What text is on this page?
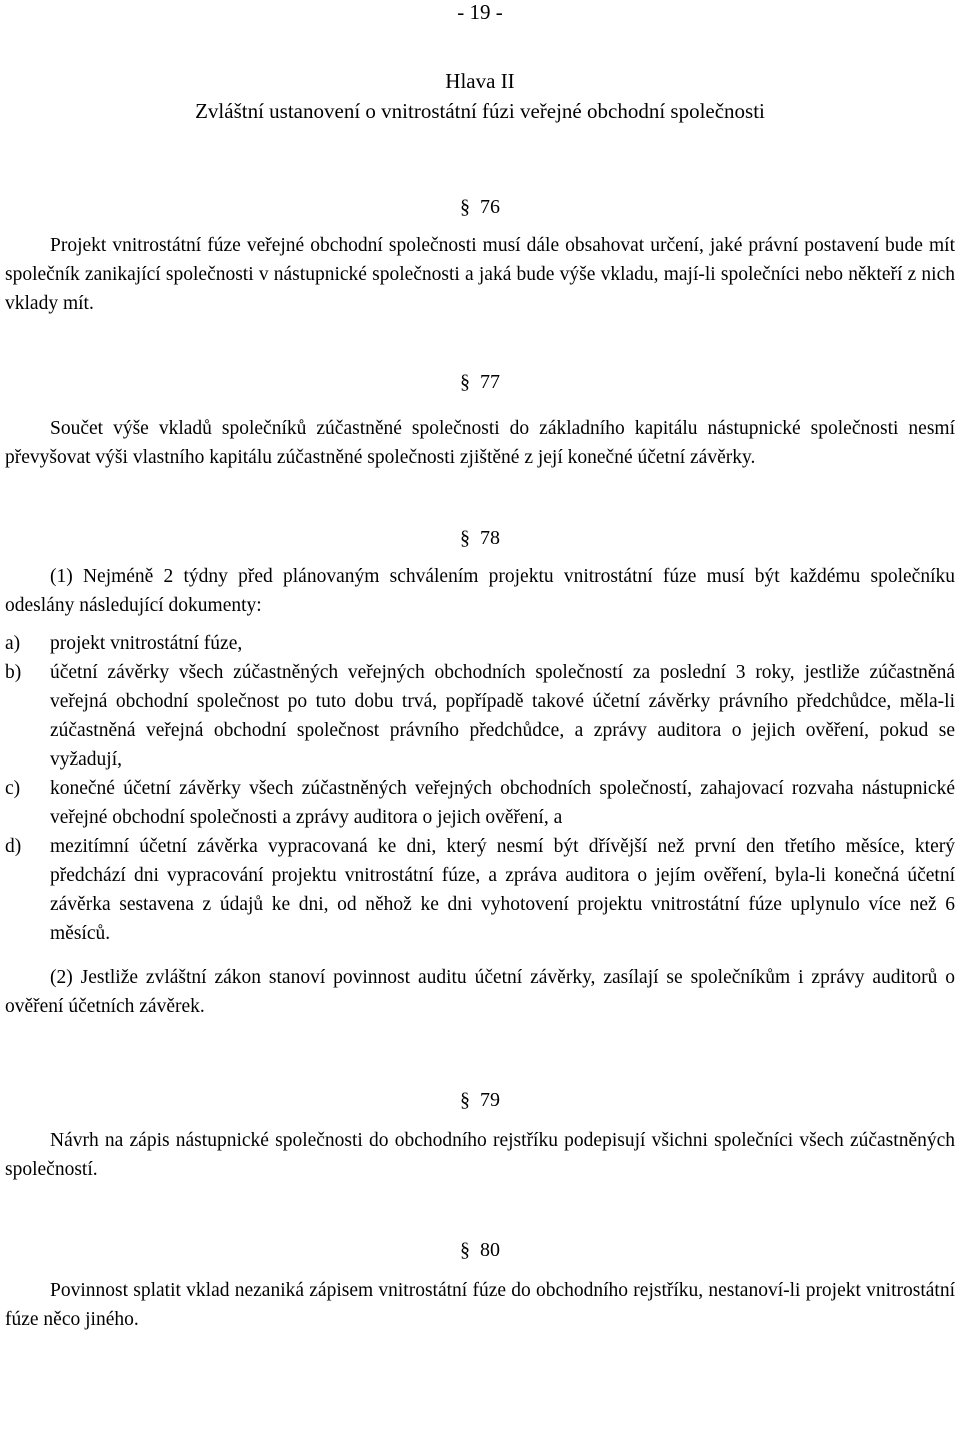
- 19 -
Hlava II
Zvláštní ustanovení o vnitrostátní fúzi veřejné obchodní společnosti
§ 76

Projekt vnitrostátní fúze veřejné obchodní společnosti musí dále obsahovat určení, jaké právní postavení bude mít společník zanikající společnosti v nástupnické společnosti a jaká bude výše vkladu, mají-li společníci nebo někteří z nich vklady mít.

§ 77

Součet výše vkladů společníků zúčastněné společnosti do základního kapitálu nástupnické společnosti nesmí převyšovat výši vlastního kapitálu zúčastněné společnosti zjištěné z její konečné účetní závěrky.

§ 78

(1) Nejméně 2 týdny před plánovaným schválením projektu vnitrostátní fúze musí být každému společníku odeslány následující dokumenty:

a)	projekt vnitrostátní fúze,
b)	účetní závěrky všech zúčastněných veřejných obchodních společností za poslední 3 roky, jestliže zúčastněná veřejná obchodní společnost po tuto dobu trvá, popřípadě takové účetní závěrky právního předchůdce, měla-li zúčastněná veřejná obchodní společnost právního předchůdce, a zprávy auditora o jejich ověření, pokud se vyžadují,
c)	konečné účetní závěrky všech zúčastněných veřejných obchodních společností, zahajovací rozvaha nástupnické veřejné obchodní společnosti a zprávy auditora o jejich ověření, a
d)	mezitímní účetní závěrka vypracovaná ke dni, který nesmí být dřívější než první den třetího měsíce, který předchází dni vypracování projektu vnitrostátní fúze, a zpráva auditora o jejím ověření, byla-li konečná účetní závěrka sestavena z údajů ke dni, od něhož ke dni vyhotovení projektu vnitrostátní fúze uplynulo více než 6 měsíců.

(2) Jestliže zvláštní zákon stanoví povinnost auditu účetní závěrky, zasílají se společníkům i zprávy auditorů o ověření účetních závěrek.

§ 79

Návrh na zápis nástupnické společnosti do obchodního rejstříku podepisují všichni společníci všech zúčastněných společností.

§ 80

Povinnost splatit vklad nezaniká zápisem vnitrostátní fúze do obchodního rejstříku, nestanoví-li projekt vnitrostátní fúze něco jiného.
